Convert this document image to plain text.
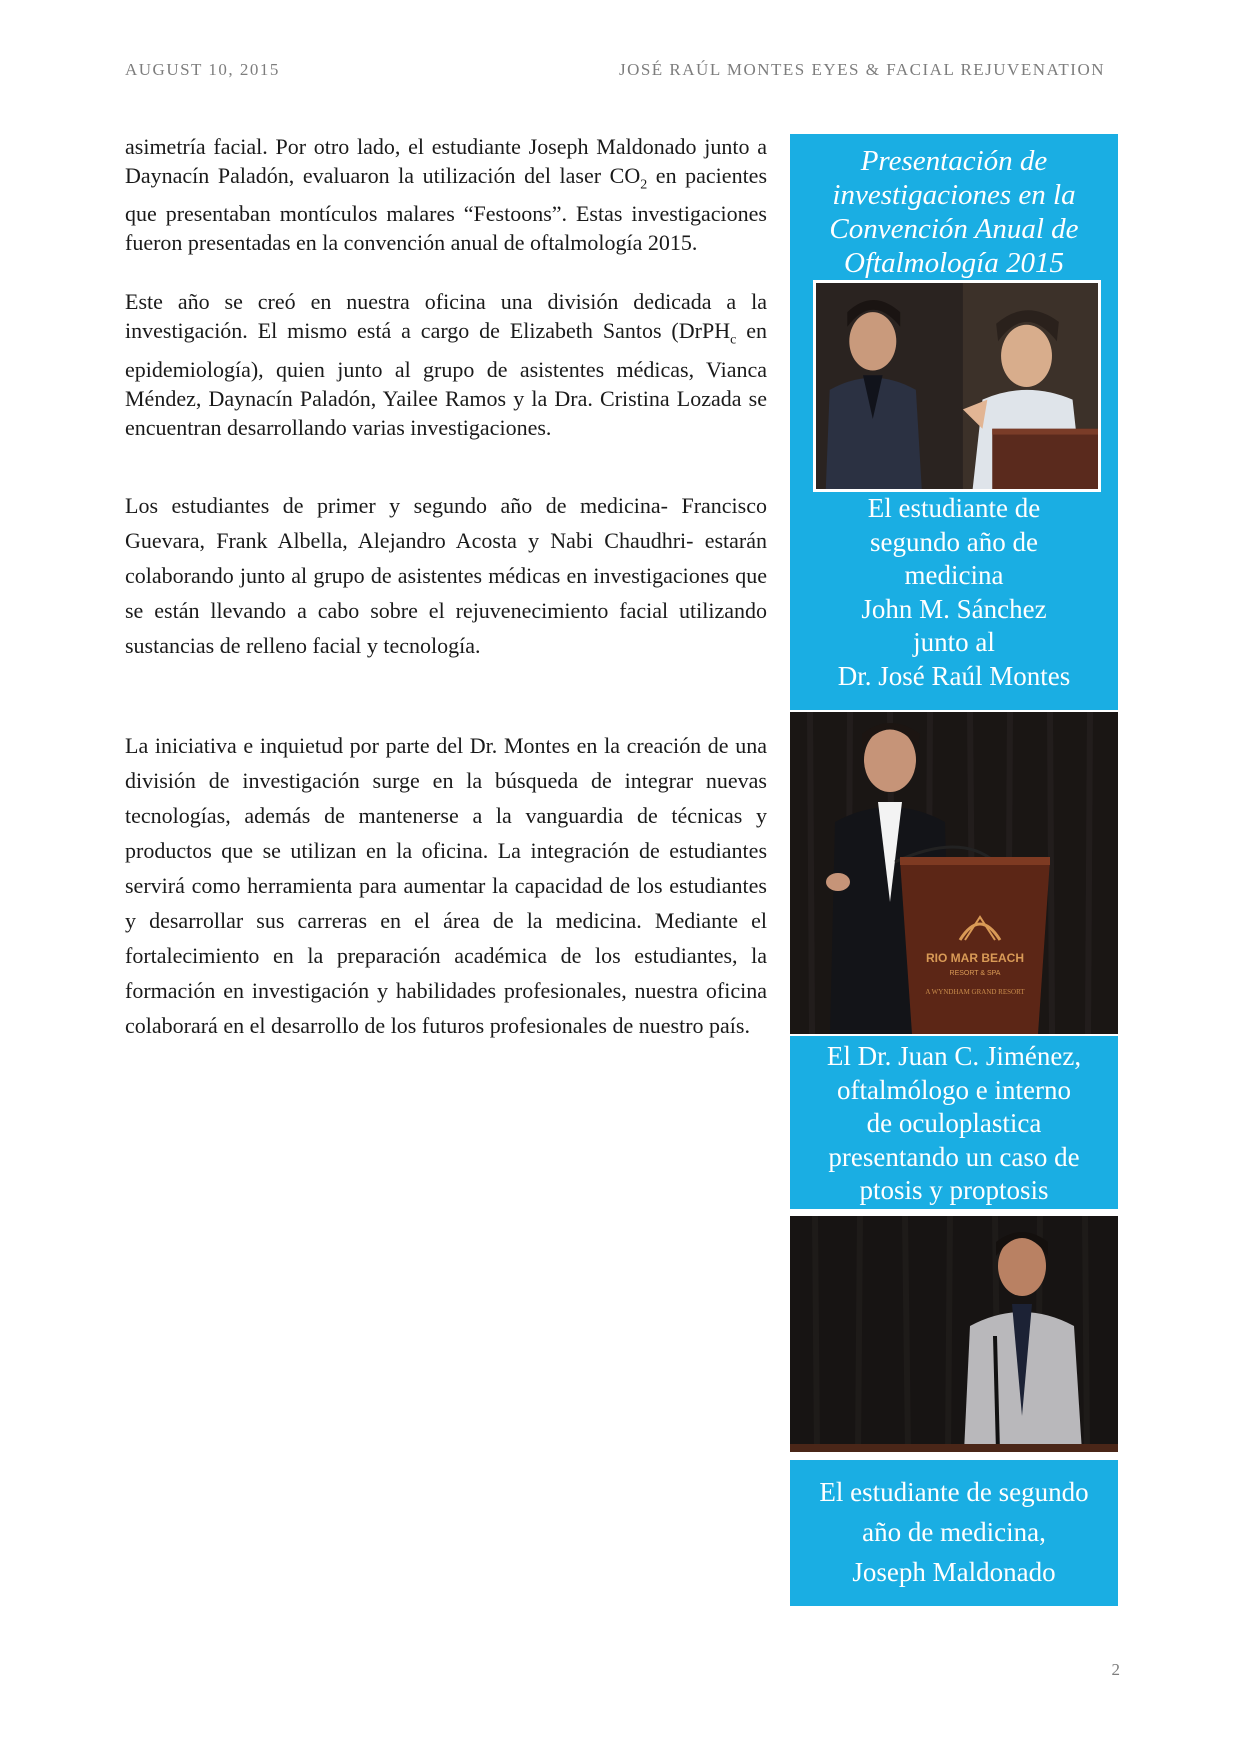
AUGUST 10, 2015	JOSÉ RAÚL MONTES EYES & FACIAL REJUVENATION

asimetría facial. Por otro lado, el estudiante Joseph Maldonado junto a Daynacín Paladón, evaluaron la utilización del laser $CO_2$ en pacientes que presentaban montículos malares “Festoons”. Estas investigaciones fueron presentadas en la convención anual de oftalmología 2015.

Este año se creó en nuestra oficina una división dedicada a la investigación. El mismo está a cargo de Elizabeth Santos (DrPH$_c$ en epidemiología), quien junto al grupo de asistentes médicas, Vianca Méndez, Daynacín Paladón, Yailee Ramos y la Dra. Cristina Lozada se encuentran desarrollando varias investigaciones.

Los estudiantes de primer y segundo año de medicina- Francisco Guevara, Frank Albella, Alejandro Acosta y Nabi Chaudhri- estarán colaborando junto al grupo de asistentes médicas en investigaciones que se están llevando a cabo sobre el rejuvenecimiento facial utilizando sustancias de relleno facial y tecnología.

La iniciativa e inquietud por parte del Dr. Montes en la creación de una división de investigación surge en la búsqueda de integrar nuevas tecnologías, además de mantenerse a la vanguardia de técnicas y productos que se utilizan en la oficina. La integración de estudiantes servirá como herramienta para aumentar la capacidad de los estudiantes y desarrollar sus carreras en el área de la medicina. Mediante el fortalecimiento en la preparación académica de los estudiantes, la formación en investigación y habilidades profesionales, nuestra oficina colaborará en el desarrollo de los futuros profesionales de nuestro país.

Presentación de
investigaciones en la
Convención Anual de
Oftalmología 2015
El estudiante de
segundo año de
medicina
John M. Sánchez
junto al
Dr. José Raúl Montes
RIO MAR BEACH
RESORT & SPA
A WYNDHAM GRAND RESORT
El Dr. Juan C. Jiménez,
oftalmólogo e interno
de oculoplastica
presentando un caso de
ptosis y proptosis
El estudiante de segundo
año de medicina,
Joseph Maldonado
2
